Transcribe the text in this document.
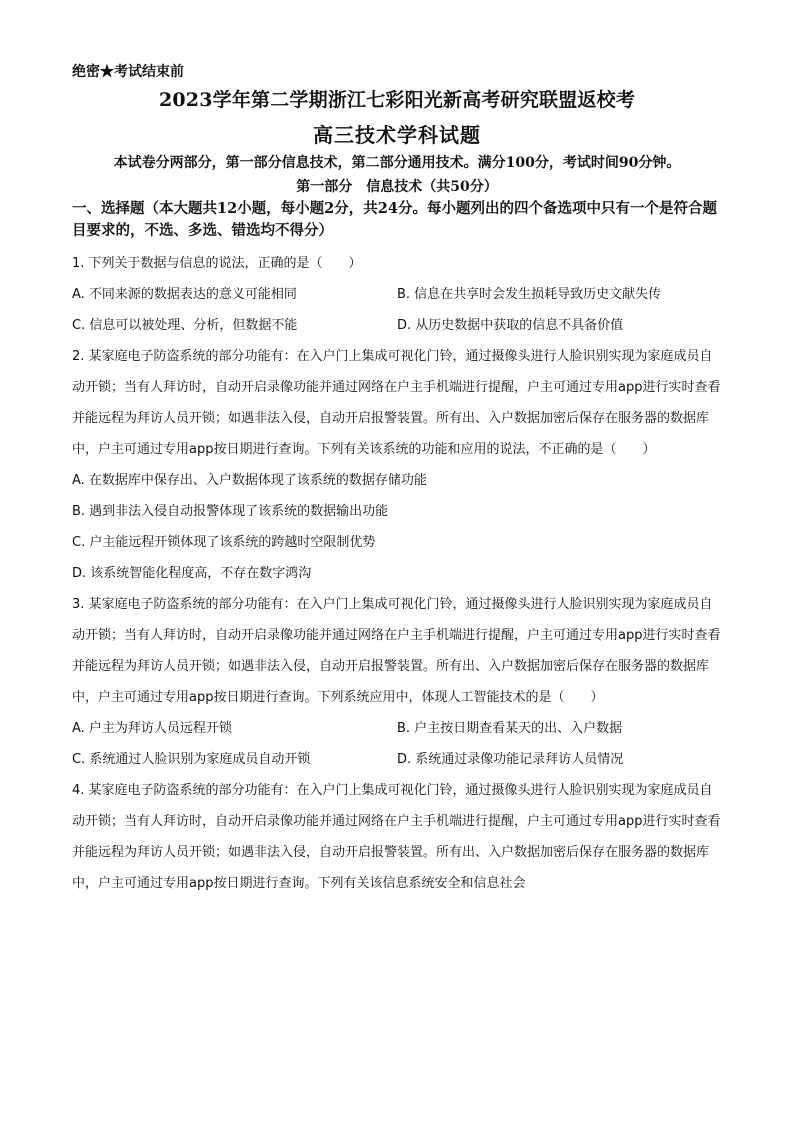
绝密★考试结束前
2023学年第二学期浙江七彩阳光新高考研究联盟返校考
高三技术学科试题
本试卷分两部分，第一部分信息技术，第二部分通用技术。满分100分，考试时间90分钟。
第一部分　信息技术（共50分）
一、选择题（本大题共12小题，每小题2分，共24分。每小题列出的四个备选项中只有一个是符合题目要求的，不选、多选、错选均不得分）
1. 下列关于数据与信息的说法，正确的是（　　）
A. 不同来源的数据表达的意义可能相同	B. 信息在共享时会发生损耗导致历史文献失传
C. 信息可以被处理、分析，但数据不能	D. 从历史数据中获取的信息不具备价值
2. 某家庭电子防盗系统的部分功能有：在入户门上集成可视化门铃，通过摄像头进行人脸识别实现为家庭成员自动开锁；当有人拜访时，自动开启录像功能并通过网络在户主手机端进行提醒，户主可通过专用app进行实时查看并能远程为拜访人员开锁；如遇非法入侵，自动开启报警装置。所有出、入户数据加密后保存在服务器的数据库中，户主可通过专用app按日期进行查询。下列有关该系统的功能和应用的说法，不正确的是（　　）
A. 在数据库中保存出、入户数据体现了该系统的数据存储功能
B. 遇到非法入侵自动报警体现了该系统的数据输出功能
C. 户主能远程开锁体现了该系统的跨越时空限制优势
D. 该系统智能化程度高，不存在数字鸿沟
3. 某家庭电子防盗系统的部分功能有：在入户门上集成可视化门铃，通过摄像头进行人脸识别实现为家庭成员自动开锁；当有人拜访时，自动开启录像功能并通过网络在户主手机端进行提醒，户主可通过专用app进行实时查看并能远程为拜访人员开锁；如遇非法入侵，自动开启报警装置。所有出、入户数据加密后保存在服务器的数据库中，户主可通过专用app按日期进行查询。下列系统应用中，体现人工智能技术的是（　　）
A. 户主为拜访人员远程开锁	B. 户主按日期查看某天的出、入户数据
C. 系统通过人脸识别为家庭成员自动开锁	D. 系统通过录像功能记录拜访人员情况
4. 某家庭电子防盗系统的部分功能有：在入户门上集成可视化门铃，通过摄像头进行人脸识别实现为家庭成员自动开锁；当有人拜访时，自动开启录像功能并通过网络在户主手机端进行提醒，户主可通过专用app进行实时查看并能远程为拜访人员开锁；如遇非法入侵，自动开启报警装置。所有出、入户数据加密后保存在服务器的数据库中，户主可通过专用app按日期进行查询。下列有关该信息系统安全和信息社会
